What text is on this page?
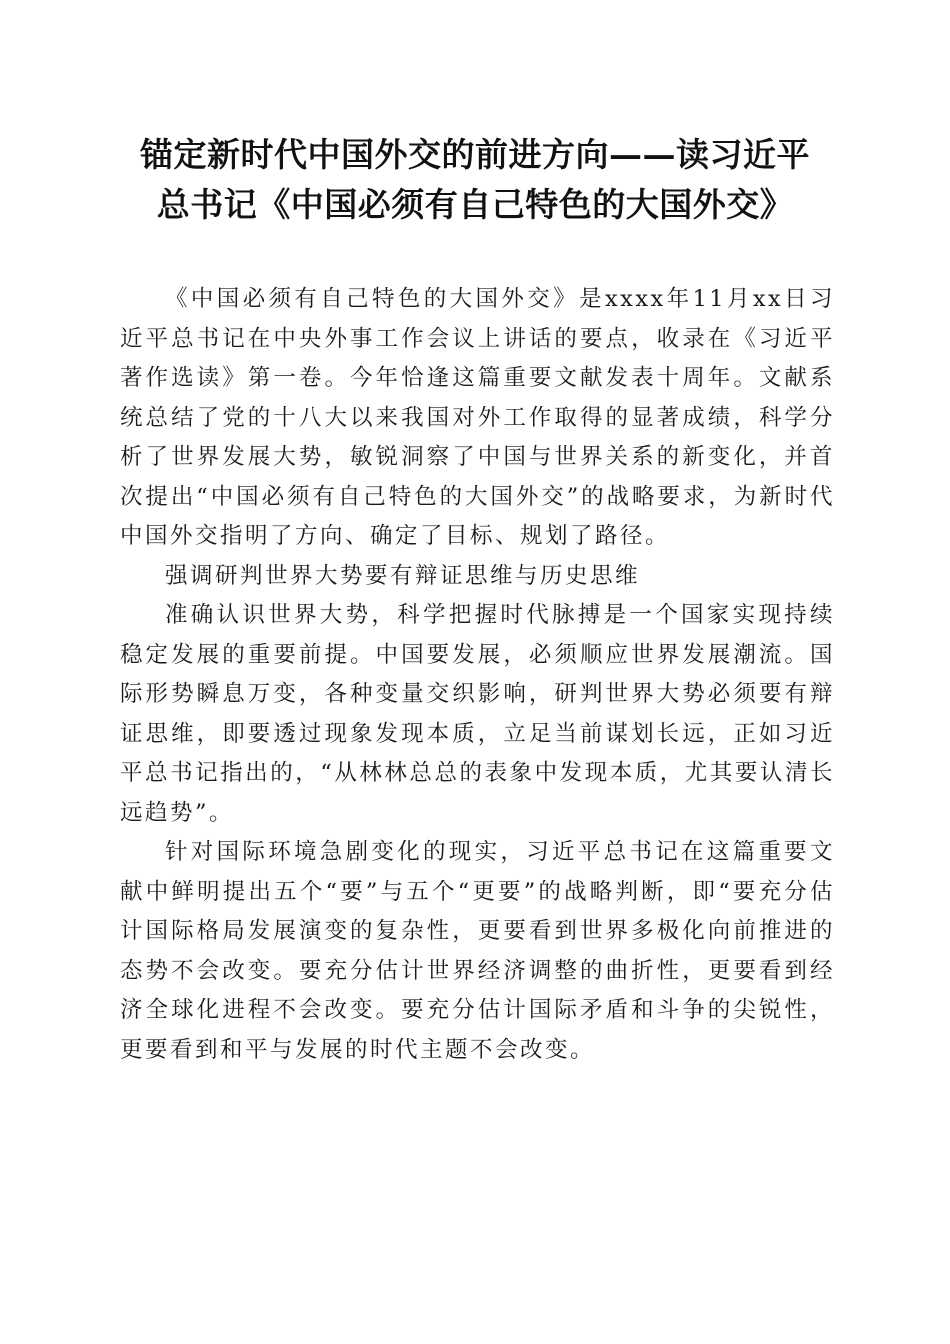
锚定新时代中国外交的前进方向——读习近平
总书记《中国必须有自己特色的大国外交》

《中国必须有自己特色的大国外交》是xxxx年11月xx日习近平总书记在中央外事工作会议上讲话的要点，收录在《习近平著作选读》第一卷。今年恰逢这篇重要文献发表十周年。文献系统总结了党的十八大以来我国对外工作取得的显著成绩，科学分析了世界发展大势，敏锐洞察了中国与世界关系的新变化，并首次提出“中国必须有自己特色的大国外交”的战略要求，为新时代中国外交指明了方向、确定了目标、规划了路径。

强调研判世界大势要有辩证思维与历史思维

准确认识世界大势，科学把握时代脉搏是一个国家实现持续稳定发展的重要前提。中国要发展，必须顺应世界发展潮流。国际形势瞬息万变，各种变量交织影响，研判世界大势必须要有辩证思维，即要透过现象发现本质，立足当前谋划长远，正如习近平总书记指出的，“从林林总总的表象中发现本质，尤其要认清长远趋势”。

针对国际环境急剧变化的现实，习近平总书记在这篇重要文献中鲜明提出五个“要”与五个“更要”的战略判断，即“要充分估计国际格局发展演变的复杂性，更要看到世界多极化向前推进的态势不会改变。要充分估计世界经济调整的曲折性，更要看到经济全球化进程不会改变。要充分估计国际矛盾和斗争的尖锐性，更要看到和平与发展的时代主题不会改变。
